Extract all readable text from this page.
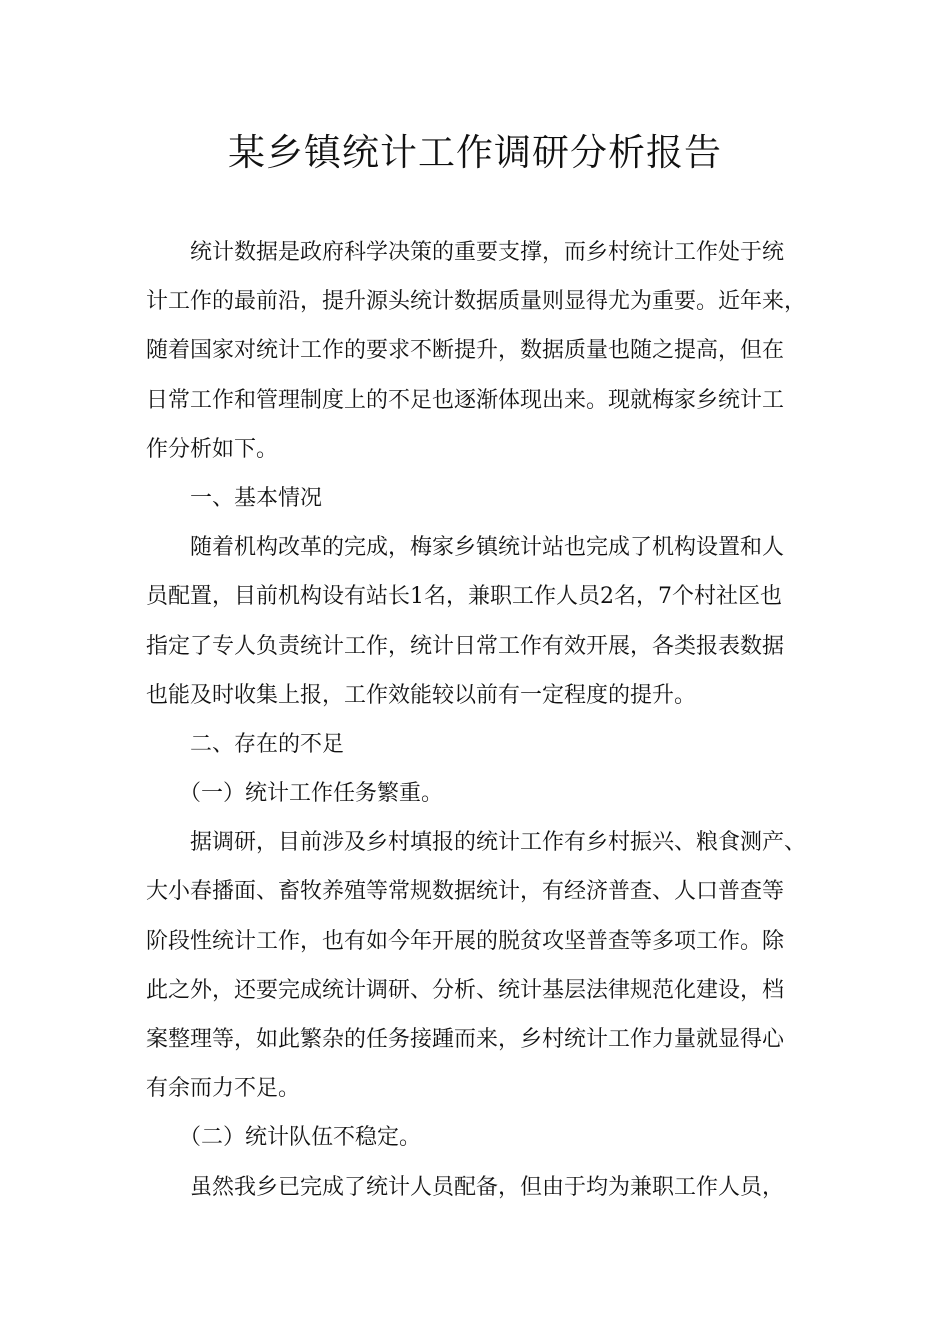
某乡镇统计工作调研分析报告
统计数据是政府科学决策的重要支撑，而乡村统计工作处于统
计工作的最前沿，提升源头统计数据质量则显得尤为重要。近年来，
随着国家对统计工作的要求不断提升，数据质量也随之提高，但在
日常工作和管理制度上的不足也逐渐体现出来。现就梅家乡统计工
作分析如下。
一、基本情况
随着机构改革的完成，梅家乡镇统计站也完成了机构设置和人
员配置，目前机构设有站长1名，兼职工作人员2名，7个村社区也
指定了专人负责统计工作，统计日常工作有效开展，各类报表数据
也能及时收集上报，工作效能较以前有一定程度的提升。
二、存在的不足
（一）统计工作任务繁重。
据调研，目前涉及乡村填报的统计工作有乡村振兴、粮食测产、
大小春播面、畜牧养殖等常规数据统计，有经济普查、人口普查等
阶段性统计工作，也有如今年开展的脱贫攻坚普查等多项工作。除
此之外，还要完成统计调研、分析、统计基层法律规范化建设，档
案整理等，如此繁杂的任务接踵而来，乡村统计工作力量就显得心
有余而力不足。
（二）统计队伍不稳定。
虽然我乡已完成了统计人员配备，但由于均为兼职工作人员，
